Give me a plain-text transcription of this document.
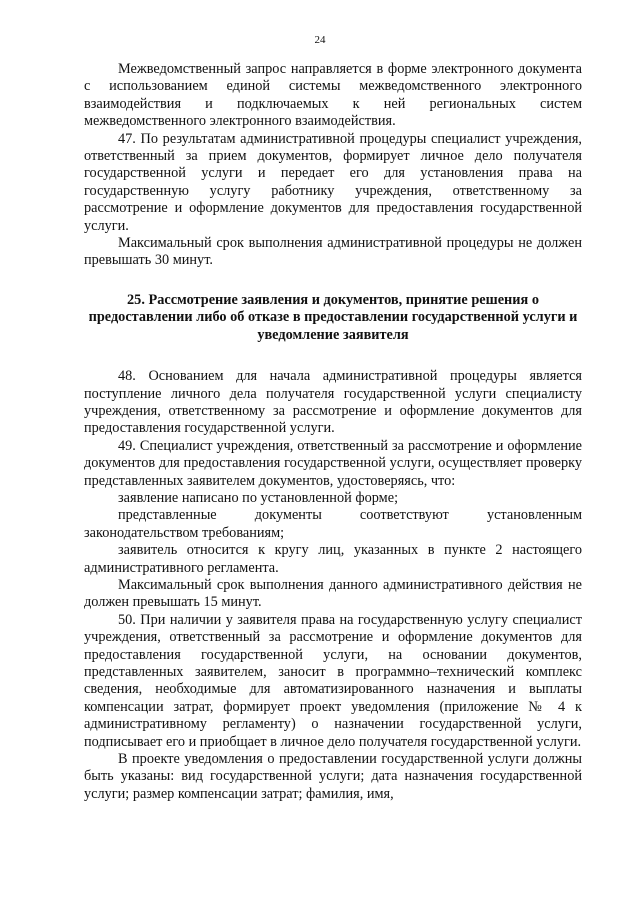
24

Межведомственный запрос направляется в форме электронного документа с использованием единой системы межведомственного электронного взаимодействия и подключаемых к ней региональных систем межведомственного электронного взаимодействия.

47. По результатам административной процедуры специалист учреждения, ответственный за прием документов, формирует личное дело получателя государственной услуги и передает его для установления права на государственную услугу работнику учреждения, ответственному за рассмотрение и оформление документов для предоставления государственной услуги.

Максимальный срок выполнения административной процедуры не должен превышать 30 минут.

25. Рассмотрение заявления и документов, принятие решения о предоставлении либо об отказе в предоставлении государственной услуги и уведомление заявителя

48. Основанием для начала административной процедуры является поступление личного дела получателя государственной услуги специалисту учреждения, ответственному за рассмотрение и оформление документов для предоставления государственной услуги.

49. Специалист учреждения, ответственный за рассмотрение и оформление документов для предоставления государственной услуги, осуществляет проверку представленных заявителем документов, удостоверяясь, что:

заявление написано по установленной форме;

представленные документы соответствуют установленным законодательством требованиям;

заявитель относится к кругу лиц, указанных в пункте 2 настоящего административного регламента.

Максимальный срок выполнения данного административного действия не должен превышать 15 минут.

50. При наличии у заявителя права на государственную услугу специалист учреждения, ответственный за рассмотрение и оформление документов для предоставления государственной услуги, на основании документов, представленных заявителем, заносит в программно–технический комплекс сведения, необходимые для автоматизированного назначения и выплаты компенсации затрат, формирует проект уведомления (приложение № 4 к административному регламенту) о назначении государственной услуги, подписывает его и приобщает в личное дело получателя государственной услуги.

В проекте уведомления о предоставлении государственной услуги должны быть указаны: вид государственной услуги; дата назначения государственной услуги; размер компенсации затрат; фамилия, имя,
